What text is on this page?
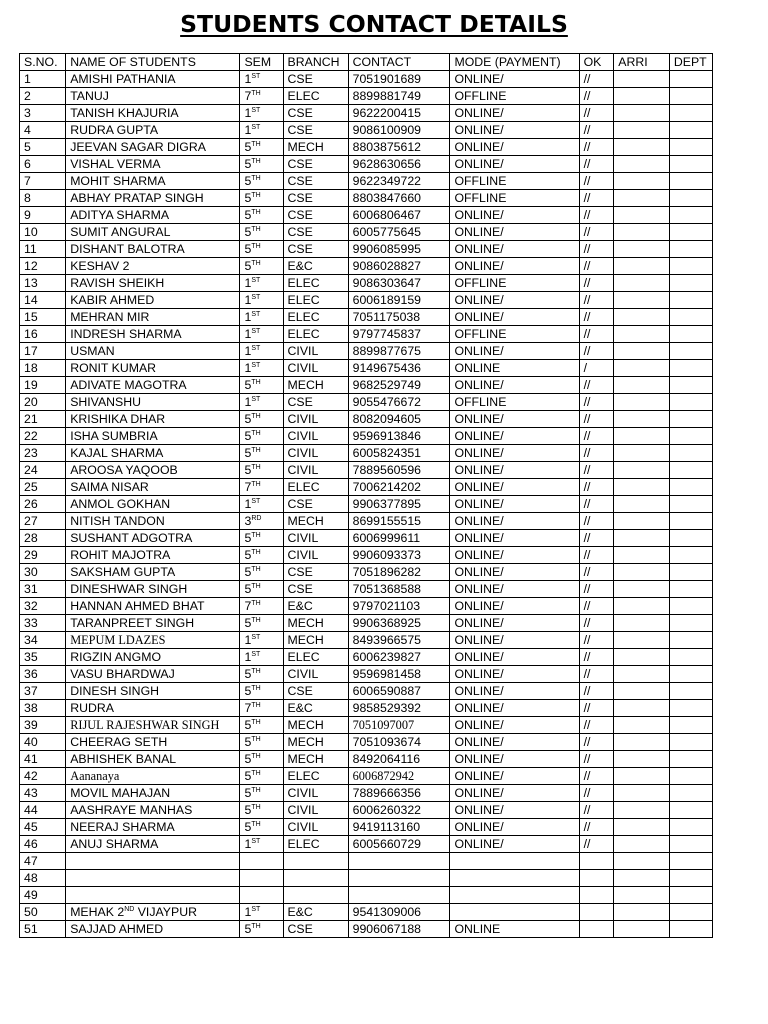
STUDENTS CONTACT DETAILS
S.NO.	NAME OF STUDENTS	SEM	BRANCH	CONTACT	MODE (PAYMENT)	OK	ARRI	DEPT
1	AMISHI PATHANIA	1ST	CSE	7051901689	ONLINE/	//		
2	TANUJ	7TH	ELEC	8899881749	OFFLINE	//		
3	TANISH KHAJURIA	1ST	CSE	9622200415	ONLINE/	//		
4	RUDRA GUPTA	1ST	CSE	9086100909	ONLINE/	//		
5	JEEVAN SAGAR DIGRA	5TH	MECH	8803875612	ONLINE/	//		
6	VISHAL VERMA	5TH	CSE	9628630656	ONLINE/	//		
7	MOHIT SHARMA	5TH	CSE	9622349722	OFFLINE	//		
8	ABHAY PRATAP SINGH	5TH	CSE	8803847660	OFFLINE	//		
9	ADITYA SHARMA	5TH	CSE	6006806467	ONLINE/	//		
10	SUMIT ANGURAL	5TH	CSE	6005775645	ONLINE/	//		
11	DISHANT BALOTRA	5TH	CSE	9906085995	ONLINE/	//		
12	KESHAV 2	5TH	E&C	9086028827	ONLINE/	//		
13	RAVISH SHEIKH	1ST	ELEC	9086303647	OFFLINE	//		
14	KABIR AHMED	1ST	ELEC	6006189159	ONLINE/	//		
15	MEHRAN MIR	1ST	ELEC	7051175038	ONLINE/	//		
16	INDRESH SHARMA	1ST	ELEC	9797745837	OFFLINE	//		
17	USMAN	1ST	CIVIL	8899877675	ONLINE/	//		
18	RONIT KUMAR	1ST	CIVIL	9149675436	ONLINE	/		
19	ADIVATE MAGOTRA	5TH	MECH	9682529749	ONLINE/	//		
20	SHIVANSHU	1ST	CSE	9055476672	OFFLINE	//		
21	KRISHIKA DHAR	5TH	CIVIL	8082094605	ONLINE/	//		
22	ISHA SUMBRIA	5TH	CIVIL	9596913846	ONLINE/	//		
23	KAJAL SHARMA	5TH	CIVIL	6005824351	ONLINE/	//		
24	AROOSA YAQOOB	5TH	CIVIL	7889560596	ONLINE/	//		
25	SAIMA NISAR	7TH	ELEC	7006214202	ONLINE/	//		
26	ANMOL GOKHAN	1ST	CSE	9906377895	ONLINE/	//		
27	NITISH TANDON	3RD	MECH	8699155515	ONLINE/	//		
28	SUSHANT ADGOTRA	5TH	CIVIL	6006999611	ONLINE/	//		
29	ROHIT MAJOTRA	5TH	CIVIL	9906093373	ONLINE/	//		
30	SAKSHAM GUPTA	5TH	CSE	7051896282	ONLINE/	//		
31	DINESHWAR SINGH	5TH	CSE	7051368588	ONLINE/	//		
32	HANNAN AHMED BHAT	7TH	E&C	9797021103	ONLINE/	//		
33	TARANPREET SINGH	5TH	MECH	9906368925	ONLINE/	//		
34	MEPUM LDAZES	1ST	MECH	8493966575	ONLINE/	//		
35	RIGZIN ANGMO	1ST	ELEC	6006239827	ONLINE/	//		
36	VASU BHARDWAJ	5TH	CIVIL	9596981458	ONLINE/	//		
37	DINESH SINGH	5TH	CSE	6006590887	ONLINE/	//		
38	RUDRA	7TH	E&C	9858529392	ONLINE/	//		
39	RIJUL RAJESHWAR SINGH	5TH	MECH	7051097007	ONLINE/	//		
40	CHEERAG SETH	5TH	MECH	7051093674	ONLINE/	//		
41	ABHISHEK BANAL	5TH	MECH	8492064116	ONLINE/	//		
42	Aananaya	5TH	ELEC	6006872942	ONLINE/	//		
43	MOVIL MAHAJAN	5TH	CIVIL	7889666356	ONLINE/	//		
44	AASHRAYE MANHAS	5TH	CIVIL	6006260322	ONLINE/	//		
45	NEERAJ SHARMA	5TH	CIVIL	9419113160	ONLINE/	//		
46	ANUJ SHARMA	1ST	ELEC	6005660729	ONLINE/	//		
47								
48								
49								
50	MEHAK 2ND VIJAYPUR	1ST	E&C	9541309006				
51	SAJJAD AHMED	5TH	CSE	9906067188	ONLINE			
